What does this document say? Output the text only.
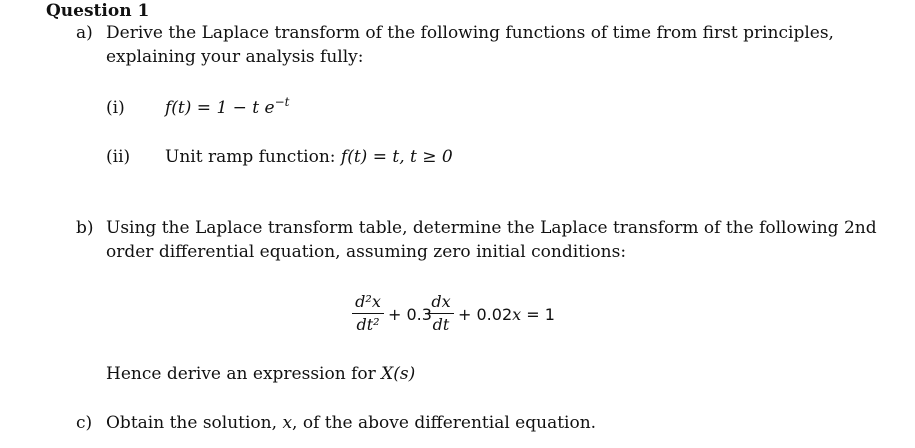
Question 1
a) Derive the Laplace transform of the following functions of time from first principles,
explaining your analysis fully:
(i) f(t) = 1 − t $e^{-t}$
(ii) Unit ramp function: f(t) = t, t ≥ 0
b) Using the Laplace transform table, determine the Laplace transform of the following 2nd
order differential equation, assuming zero initial conditions:
d²x
dt²
+ 0.3
dx
dt
+ 0.02x = 1
Hence derive an expression for X(s)
c) Obtain the solution, x, of the above differential equation.
